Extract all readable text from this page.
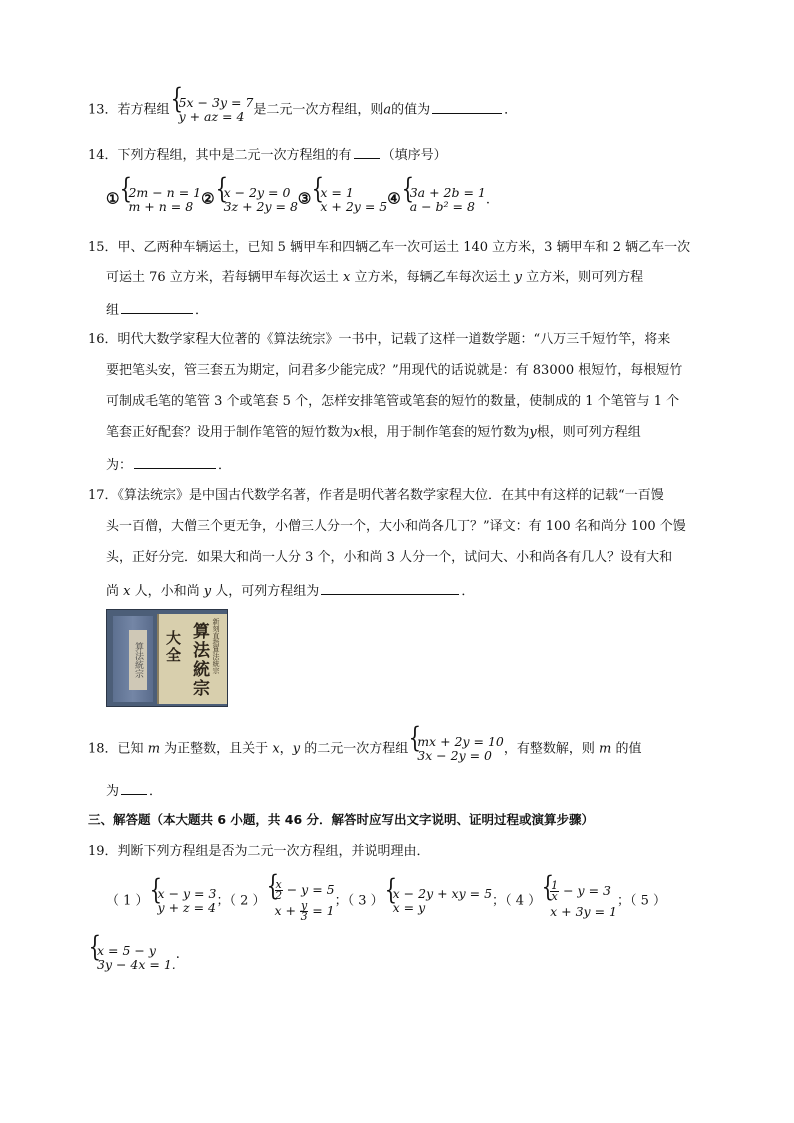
13．若方程组 { 5x − 3y = 7
y + az = 4 是二元一次方程组，则a的值为	．
14．下列方程组，其中是二元一次方程组的有 （填序号）
① { 2m − n = 1
m + n = 8 ② { x − 2y = 0
3z + 2y = 8 ③ { x = 1
x + 2y = 5 ④ { 3a + 2b = 1
a − b² = 8 .
15．甲、乙两种车辆运土，已知 5 辆甲车和四辆乙车一次可运土 140 立方米，3 辆甲车和 2 辆乙车一次
可运土 76 立方米，若每辆甲车每次运土 x 立方米，每辆乙车每次运土 y 立方米，则可列方程
组	．
16．明代大数学家程大位著的《算法统宗》一书中，记载了这样一道数学题：“八万三千短竹竿，将来
要把笔头安，管三套五为期定，问君多少能完成？”用现代的话说就是：有 83000 根短竹，每根短竹
可制成毛笔的笔管 3 个或笔套 5 个，怎样安排笔管或笔套的短竹的数量，使制成的 1 个笔管与 1 个
笔套正好配套？设用于制作笔管的短竹数为x根，用于制作笔套的短竹数为y根，则可列方程组
为：	．
17．《算法统宗》是中国古代数学名著，作者是明代著名数学家程大位．在其中有这样的记载“一百馒
头一百僧，大僧三个更无争，小僧三人分一个，大小和尚各几丁？”译文：有 100 名和尚分 100 个馒
头，正好分完．如果大和尚一人分 3 个，小和尚 3 人分一个，试问大、小和尚各有几人？设有大和
尚 x 人，小和尚 y 人，可列方程组为	．
算法統宗 大全 算法統宗 新刻直指算法統宗
18．已知 m 为正整数，且关于 x，y 的二元一次方程组 { mx + 2y = 10
3x − 2y = 0 ，有整数解，则 m 的值
为 ．
三、解答题（本大题共 6 小题，共 46 分．解答时应写出文字说明、证明过程或演算步骤）
19．判断下列方程组是否为二元一次方程组，并说明理由．
（ 1 ） { x − y = 3
y + z = 4 ；（ 2 ） { $\frac{x}{2} - y = 5$
$x + \frac{y}{3} = 1$
；（ 3 ） { x − 2y + xy = 5
x = y	；（ 4 ） { $\frac{1}{x} - y = 3$
x + 3y = 1
；（ 5 ）
{ x = 5 − y
3y − 4x = 1. ·
